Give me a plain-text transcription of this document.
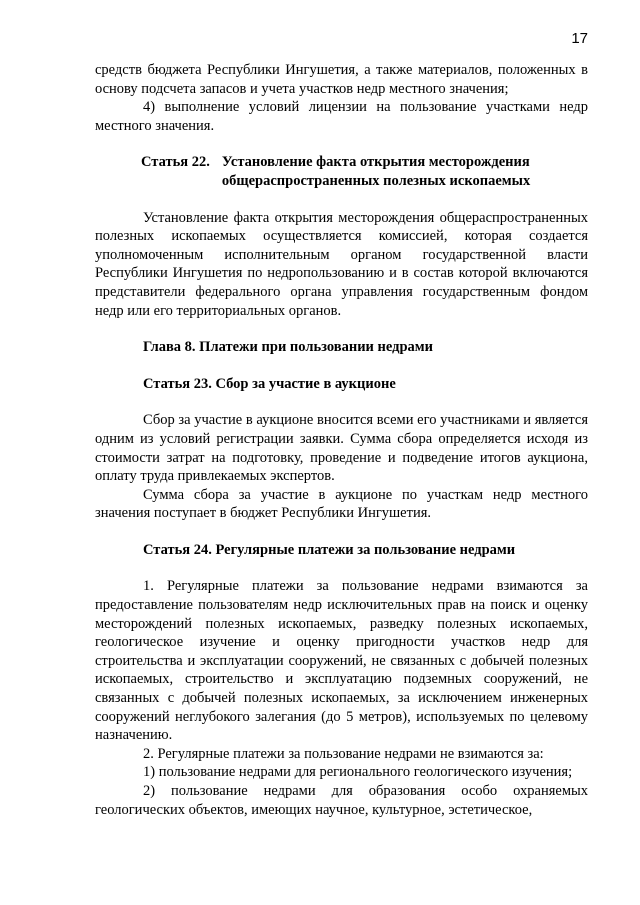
17

средств бюджета Республики Ингушетия, а также материалов, положенных в основу подсчета запасов и учета участков недр местного значения;

4) выполнение условий лицензии на пользование участками недр местного значения.

Статья 22. Установление факта открытия месторождения
общераспространенных полезных ископаемых

Установление факта открытия месторождения общераспространенных полезных ископаемых осуществляется комиссией, которая создается уполномоченным исполнительным органом государственной власти Республики Ингушетия по недропользованию и в состав которой включаются представители федерального органа управления государственным фондом недр или его территориальных органов.

Глава 8. Платежи при пользовании недрами

Статья 23. Сбор за участие в аукционе

Сбор за участие в аукционе вносится всеми его участниками и является одним из условий регистрации заявки. Сумма сбора определяется исходя из стоимости затрат на подготовку, проведение и подведение итогов аукциона, оплату труда привлекаемых экспертов.

Сумма сбора за участие в аукционе по участкам недр местного значения поступает в бюджет Республики Ингушетия.

Статья 24. Регулярные платежи за пользование недрами

1. Регулярные платежи за пользование недрами взимаются за предоставление пользователям недр исключительных прав на поиск и оценку месторождений полезных ископаемых, разведку полезных ископаемых, геологическое изучение и оценку пригодности участков недр для строительства и эксплуатации сооружений, не связанных с добычей полезных ископаемых, строительство и эксплуатацию подземных сооружений, не связанных с добычей полезных ископаемых, за исключением инженерных сооружений неглубокого залегания (до 5 метров), используемых по целевому назначению.

2. Регулярные платежи за пользование недрами не взимаются за:

1) пользование недрами для регионального геологического изучения;

2) пользование недрами для образования особо охраняемых геологических объектов, имеющих научное, культурное, эстетическое,
